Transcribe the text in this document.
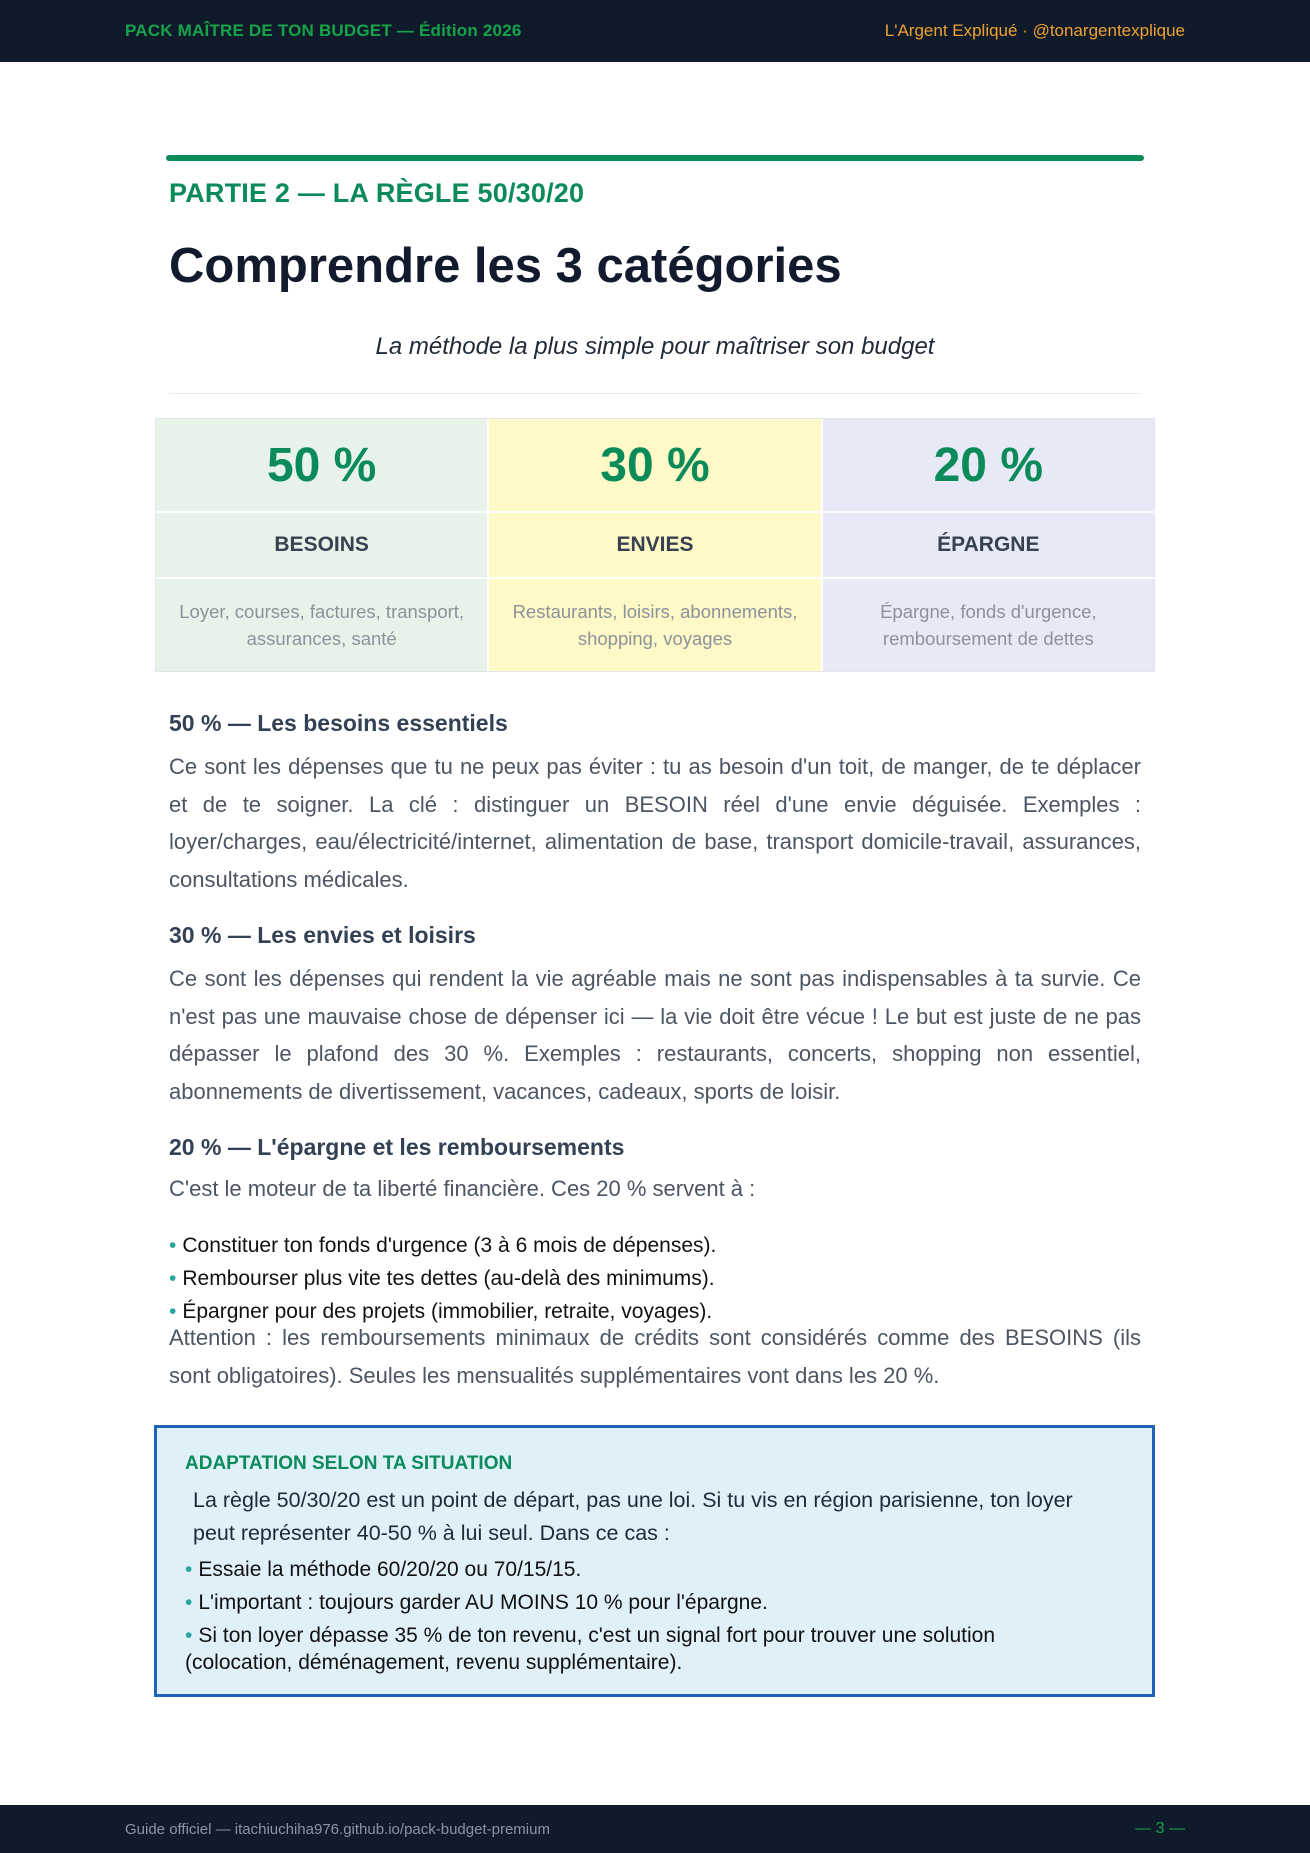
PACK MAÎTRE DE TON BUDGET — Édition 2026	L'Argent Expliqué · @tonargentexplique
PARTIE 2 — LA RÈGLE 50/30/20
Comprendre les 3 catégories
La méthode la plus simple pour maîtriser son budget
50 %
BESOINS
Loyer, courses, factures, transport, assurances, santé
30 %
ENVIES
Restaurants, loisirs, abonnements, shopping, voyages
20 %
ÉPARGNE
Épargne, fonds d'urgence, remboursement de dettes
50 % — Les besoins essentiels
Ce sont les dépenses que tu ne peux pas éviter : tu as besoin d'un toit, de manger, de te déplacer et de te soigner. La clé : distinguer un BESOIN réel d'une envie déguisée. Exemples : loyer/charges, eau/électricité/internet, alimentation de base, transport domicile-travail, assurances, consultations médicales.
30 % — Les envies et loisirs
Ce sont les dépenses qui rendent la vie agréable mais ne sont pas indispensables à ta survie. Ce n'est pas une mauvaise chose de dépenser ici — la vie doit être vécue ! Le but est juste de ne pas dépasser le plafond des 30 %. Exemples : restaurants, concerts, shopping non essentiel, abonnements de divertissement, vacances, cadeaux, sports de loisir.
20 % — L'épargne et les remboursements
C'est le moteur de ta liberté financière. Ces 20 % servent à :
• Constituer ton fonds d'urgence (3 à 6 mois de dépenses).
• Rembourser plus vite tes dettes (au-delà des minimums).
• Épargner pour des projets (immobilier, retraite, voyages).
Attention : les remboursements minimaux de crédits sont considérés comme des BESOINS (ils sont obligatoires). Seules les mensualités supplémentaires vont dans les 20 %.
ADAPTATION SELON TA SITUATION
La règle 50/30/20 est un point de départ, pas une loi. Si tu vis en région parisienne, ton loyer peut représenter 40-50 % à lui seul. Dans ce cas :
• Essaie la méthode 60/20/20 ou 70/15/15.
• L'important : toujours garder AU MOINS 10 % pour l'épargne.
• Si ton loyer dépasse 35 % de ton revenu, c'est un signal fort pour trouver une solution (colocation, déménagement, revenu supplémentaire).
Guide officiel — itachiuchiha976.github.io/pack-budget-premium	— 3 —
